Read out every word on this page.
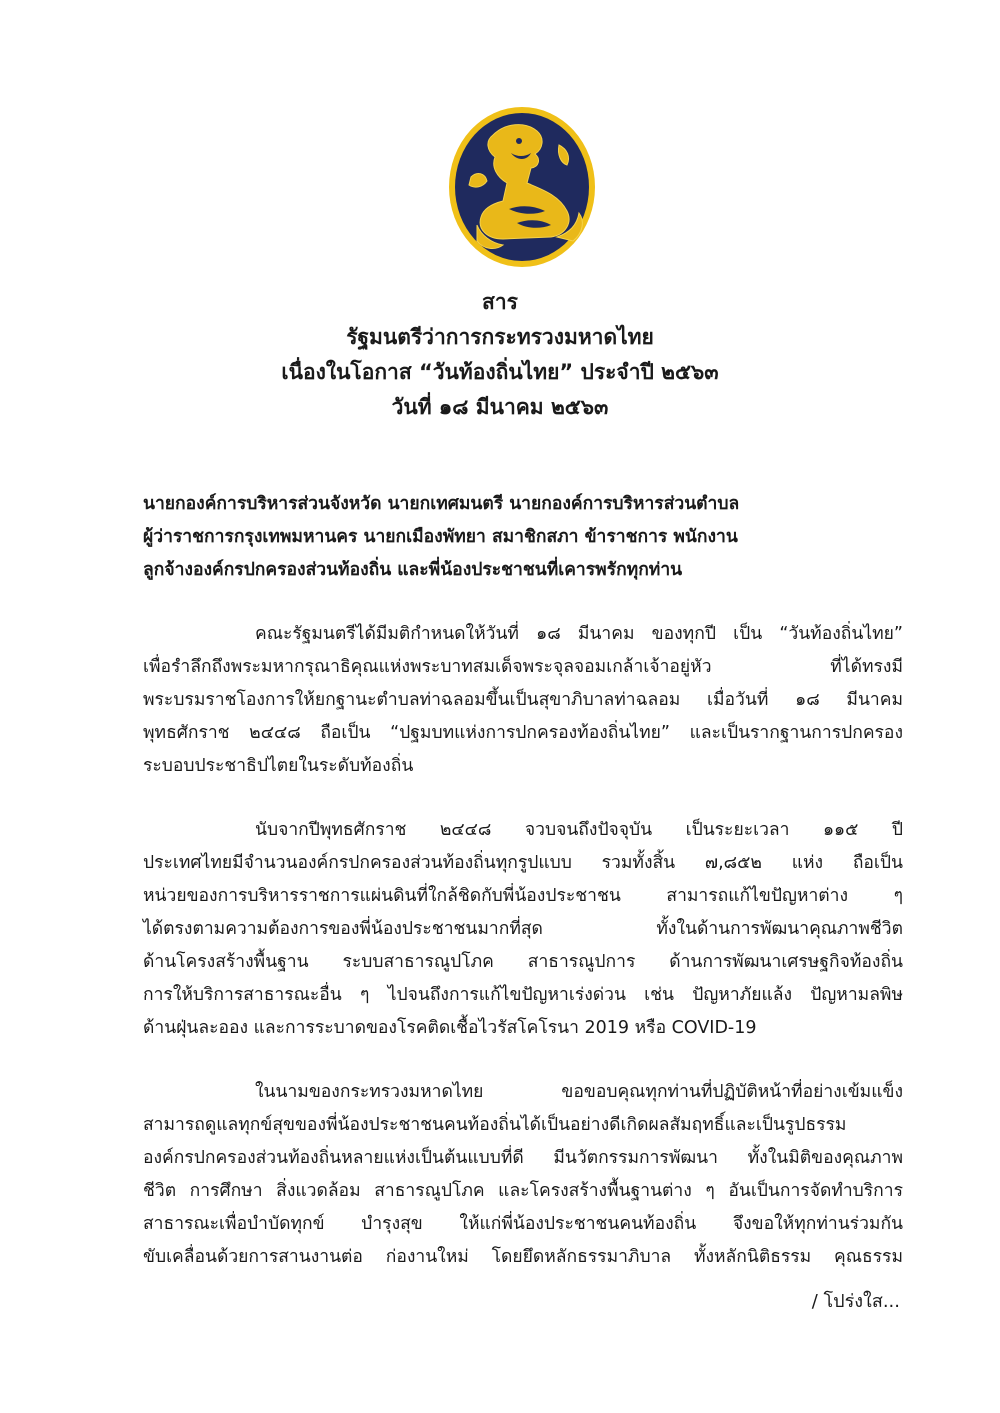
สาร
รัฐมนตรีว่าการกระทรวงมหาดไทย
เนื่องในโอกาส “วันท้องถิ่นไทย” ประจำปี ๒๕๖๓
วันที่ ๑๘ มีนาคม ๒๕๖๓
นายกองค์การบริหารส่วนจังหวัด นายกเทศมนตรี นายกองค์การบริหารส่วนตำบล
ผู้ว่าราชการกรุงเทพมหานคร นายกเมืองพัทยา สมาชิกสภา ข้าราชการ พนักงาน
ลูกจ้างองค์กรปกครองส่วนท้องถิ่น และพี่น้องประชาชนที่เคารพรักทุกท่าน
คณะรัฐมนตรีได้มีมติกำหนดให้วันที่ ๑๘ มีนาคม ของทุกปี เป็น “วันท้องถิ่นไทย”
เพื่อรำลึกถึงพระมหากรุณาธิคุณแห่งพระบาทสมเด็จพระจุลจอมเกล้าเจ้าอยู่หัว ที่ได้ทรงมี
พระบรมราชโองการให้ยกฐานะตำบลท่าฉลอมขึ้นเป็นสุขาภิบาลท่าฉลอม เมื่อวันที่ ๑๘ มีนาคม
พุทธศักราช ๒๔๔๘ ถือเป็น “ปฐมบทแห่งการปกครองท้องถิ่นไทย” และเป็นรากฐานการปกครอง
ระบอบประชาธิปไตยในระดับท้องถิ่น
นับจากปีพุทธศักราช ๒๔๔๘ จวบจนถึงปัจจุบัน เป็นระยะเวลา ๑๑๕ ปี
ประเทศไทยมีจำนวนองค์กรปกครองส่วนท้องถิ่นทุกรูปแบบ รวมทั้งสิ้น ๗,๘๕๒ แห่ง ถือเป็น
หน่วยของการบริหารราชการแผ่นดินที่ใกล้ชิดกับพี่น้องประชาชน สามารถแก้ไขปัญหาต่าง ๆ
ได้ตรงตามความต้องการของพี่น้องประชาชนมากที่สุด ทั้งในด้านการพัฒนาคุณภาพชีวิต
ด้านโครงสร้างพื้นฐาน ระบบสาธารณูปโภค สาธารณูปการ ด้านการพัฒนาเศรษฐกิจท้องถิ่น
การให้บริการสาธารณะอื่น ๆ ไปจนถึงการแก้ไขปัญหาเร่งด่วน เช่น ปัญหาภัยแล้ง ปัญหามลพิษ
ด้านฝุ่นละออง และการระบาดของโรคติดเชื้อไวรัสโคโรนา 2019 หรือ COVID-19
ในนามของกระทรวงมหาดไทย ขอขอบคุณทุกท่านที่ปฏิบัติหน้าที่อย่างเข้มแข็ง
สามารถดูแลทุกข์สุขของพี่น้องประชาชนคนท้องถิ่นได้เป็นอย่างดีเกิดผลสัมฤทธิ์และเป็นรูปธรรม
องค์กรปกครองส่วนท้องถิ่นหลายแห่งเป็นต้นแบบที่ดี มีนวัตกรรมการพัฒนา ทั้งในมิติของคุณภาพ
ชีวิต การศึกษา สิ่งแวดล้อม สาธารณูปโภค และโครงสร้างพื้นฐานต่าง ๆ อันเป็นการจัดทำบริการ
สาธารณะเพื่อบำบัดทุกข์ บำรุงสุข ให้แก่พี่น้องประชาชนคนท้องถิ่น จึงขอให้ทุกท่านร่วมกัน
ขับเคลื่อนด้วยการสานงานต่อ ก่องานใหม่ โดยยึดหลักธรรมาภิบาล ทั้งหลักนิติธรรม คุณธรรม
/ โปร่งใส...
